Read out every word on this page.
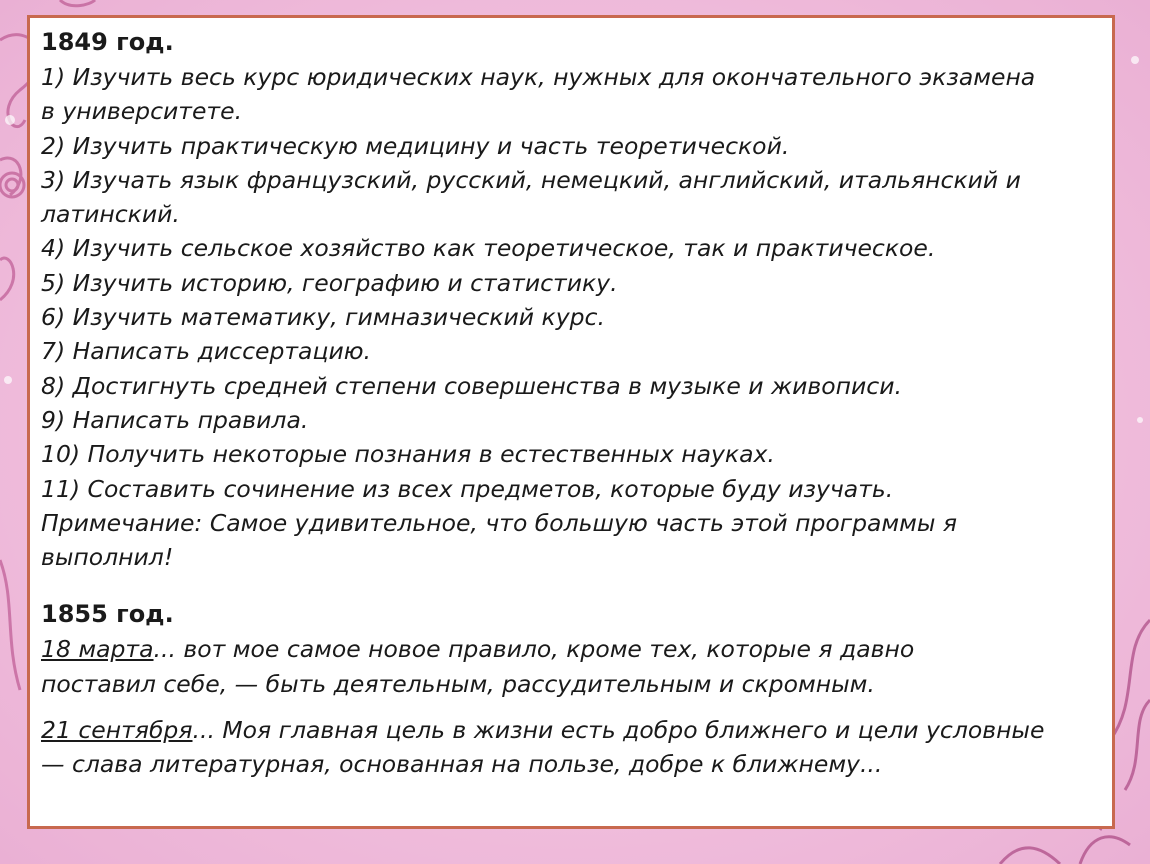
1849 год.
1) Изучить весь курс юридических наук, нужных для окончательного экзамена
в университете.
2) Изучить практическую медицину и часть теоретической.
3) Изучать язык французский, русский, немецкий, английский, итальянский и
латинский.
4) Изучить сельское хозяйство как теоретическое, так и практическое.
5) Изучить историю, географию и статистику.
6) Изучить математику, гимназический курс.
7) Написать диссертацию.
8) Достигнуть средней степени совершенства в музыке и живописи.
9) Написать правила.
10) Получить некоторые познания в естественных науках.
11) Составить сочинение из всех предметов, которые буду изучать.
Примечание: Самое удивительное, что большую часть этой программы я
выполнил!
1855 год.
18 марта... вот мое самое новое правило, кроме тех, которые я давно
поставил себе, — быть деятельным, рассудительным и скромным.
21 сентября... Моя главная цель в жизни есть добро ближнего и цели условные
— слава литературная, основанная на пользе, добре к ближнему...
